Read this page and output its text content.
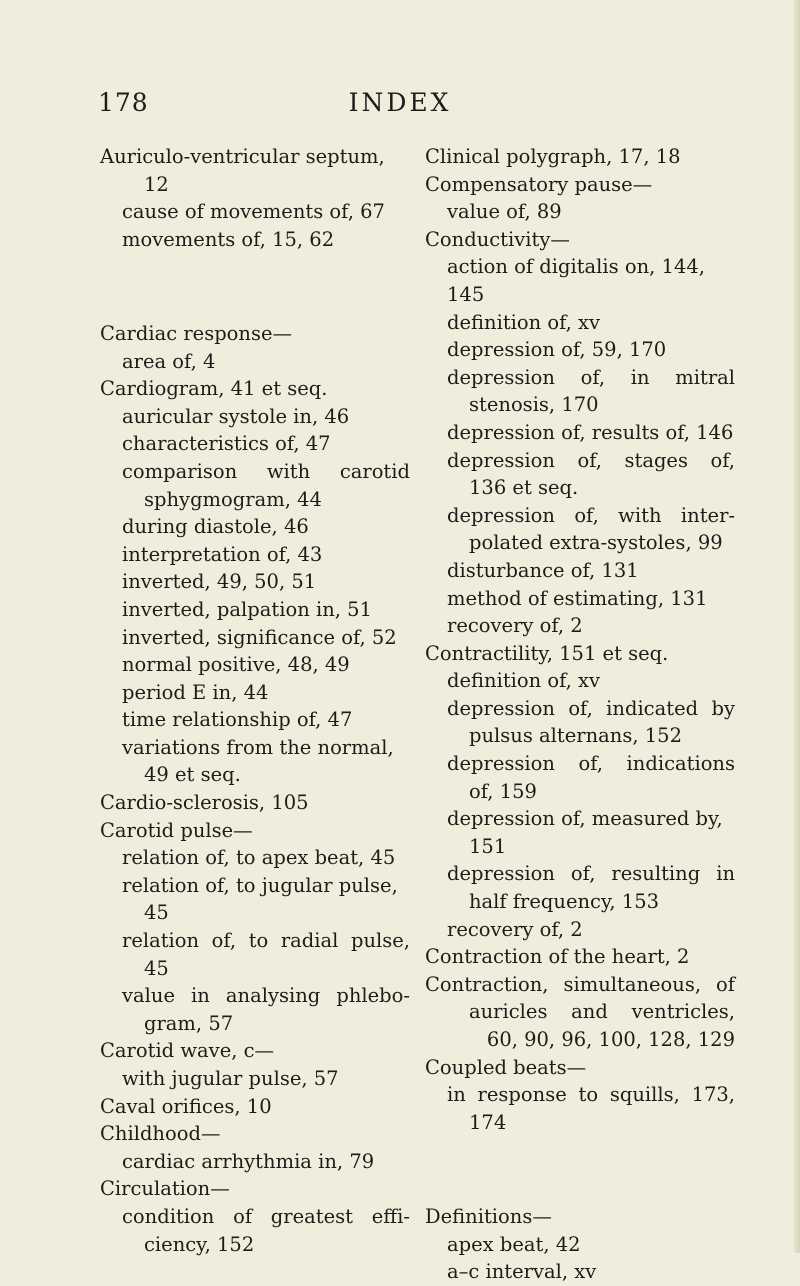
178	INDEX

Auriculo-ventricular septum,

12

cause of movements of, 67

movements of, 15, 62

Cardiac response—

area of, 4

Cardiogram, 41 et seq.

auricular systole in, 46

characteristics of, 47

comparison with carotid

sphygmogram, 44

during diastole, 46

interpretation of, 43

inverted, 49, 50, 51

inverted, palpation in, 51

inverted, significance of, 52

normal positive, 48, 49

period E in, 44

time relationship of, 47

variations from the normal,

49 et seq.

Cardio-sclerosis, 105

Carotid pulse—

relation of, to apex beat, 45

relation of, to jugular pulse,

45

relation of, to radial pulse,

45

value in analysing phlebo-

gram, 57

Carotid wave, c—

with jugular pulse, 57

Caval orifices, 10

Childhood—

cardiac arrhythmia in, 79

Circulation—

condition of greatest effi-

ciency, 152

Clinical polygraph, 17, 18

Compensatory pause—

value of, 89

Conductivity—

action of digitalis on, 144, 145

definition of, xv

depression of, 59, 170

depression of, in mitral

stenosis, 170

depression of, results of, 146

depression of, stages of,

136 et seq.

depression of, with inter-

polated extra-systoles, 99

disturbance of, 131

method of estimating, 131

recovery of, 2

Contractility, 151 et seq.

definition of, xv

depression of, indicated by

pulsus alternans, 152

depression of, indications

of, 159

depression of, measured by,

151

depression of, resulting in

half frequency, 153

recovery of, 2

Contraction of the heart, 2

Contraction, simultaneous, of

auricles and ventricles,

60, 90, 96, 100, 128, 129

Coupled beats—

in response to squills, 173,

174

Definitions—

apex beat, 42

a–c interval, xv
